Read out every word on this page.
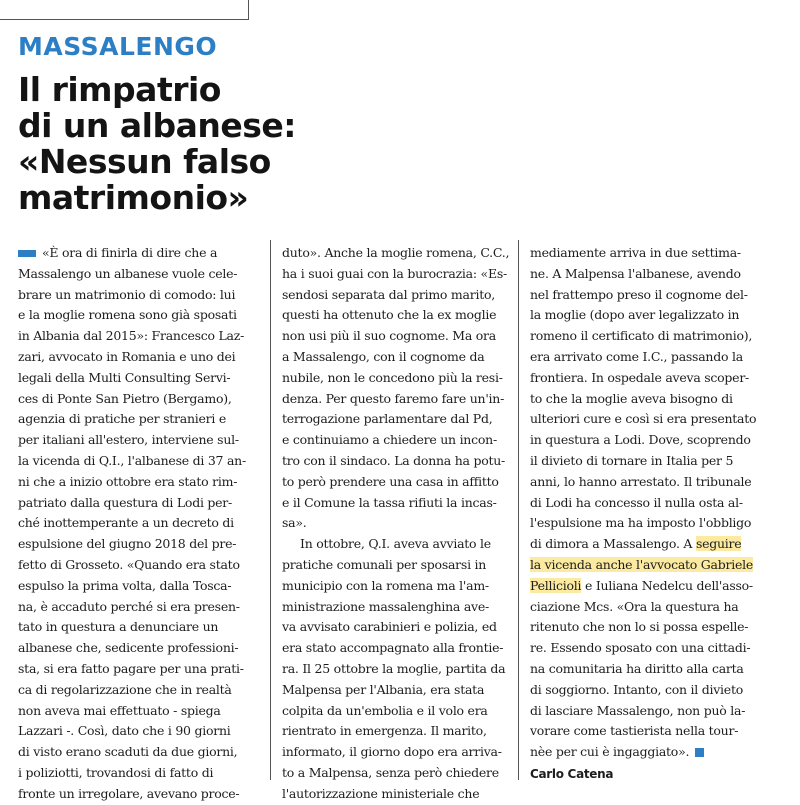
MASSALENGO
Il rimpatrio
di un albanese:
«Nessun falso
matrimonio»
«È ora di finirla di dire che a
Massalengo un albanese vuole cele-
brare un matrimonio di comodo: lui
e la moglie romena sono già sposati
in Albania dal 2015»: Francesco Laz-
zari, avvocato in Romania e uno dei
legali della Multi Consulting Servi-
ces di Ponte San Pietro (Bergamo),
agenzia di pratiche per stranieri e
per italiani all'estero, interviene sul-
la vicenda di Q.I., l'albanese di 37 an-
ni che a inizio ottobre era stato rim-
patriato dalla questura di Lodi per-
ché inottemperante a un decreto di
espulsione del giugno 2018 del pre-
fetto di Grosseto. «Quando era stato
espulso la prima volta, dalla Tosca-
na, è accaduto perché si era presen-
tato in questura a denunciare un
albanese che, sedicente professioni-
sta, si era fatto pagare per una prati-
ca di regolarizzazione che in realtà
non aveva mai effettuato - spiega
Lazzari -. Così, dato che i 90 giorni
di visto erano scaduti da due giorni,
i poliziotti, trovandosi di fatto di
fronte un irregolare, avevano proce-
duto». Anche la moglie romena, C.C.,
ha i suoi guai con la burocrazia: «Es-
sendosi separata dal primo marito,
questi ha ottenuto che la ex moglie
non usi più il suo cognome. Ma ora
a Massalengo, con il cognome da
nubile, non le concedono più la resi-
denza. Per questo faremo fare un'in-
terrogazione parlamentare dal Pd,
e continuiamo a chiedere un incon-
tro con il sindaco. La donna ha potu-
to però prendere una casa in affitto
e il Comune la tassa rifiuti la incas-
sa».
In ottobre, Q.I. aveva avviato le
pratiche comunali per sposarsi in
municipio con la romena ma l'am-
ministrazione massalenghina ave-
va avvisato carabinieri e polizia, ed
era stato accompagnato alla frontie-
ra. Il 25 ottobre la moglie, partita da
Malpensa per l'Albania, era stata
colpita da un'embolia e il volo era
rientrato in emergenza. Il marito,
informato, il giorno dopo era arriva-
to a Malpensa, senza però chiedere
l'autorizzazione ministeriale che
mediamente arriva in due settima-
ne. A Malpensa l'albanese, avendo
nel frattempo preso il cognome del-
la moglie (dopo aver legalizzato in
romeno il certificato di matrimonio),
era arrivato come I.C., passando la
frontiera. In ospedale aveva scoper-
to che la moglie aveva bisogno di
ulteriori cure e così si era presentato
in questura a Lodi. Dove, scoprendo
il divieto di tornare in Italia per 5
anni, lo hanno arrestato. Il tribunale
di Lodi ha concesso il nulla osta al-
l'espulsione ma ha imposto l'obbligo
di dimora a Massalengo. A seguire
la vicenda anche l'avvocato Gabriele
Pellicioli e Iuliana Nedelcu dell'asso-
ciazione Mcs. «Ora la questura ha
ritenuto che non lo si possa espelle-
re. Essendo sposato con una cittadi-
na comunitaria ha diritto alla carta
di soggiorno. Intanto, con il divieto
di lasciare Massalengo, non può la-
vorare come tastierista nella tour-
nèe per cui è ingaggiato».
Carlo Catena
